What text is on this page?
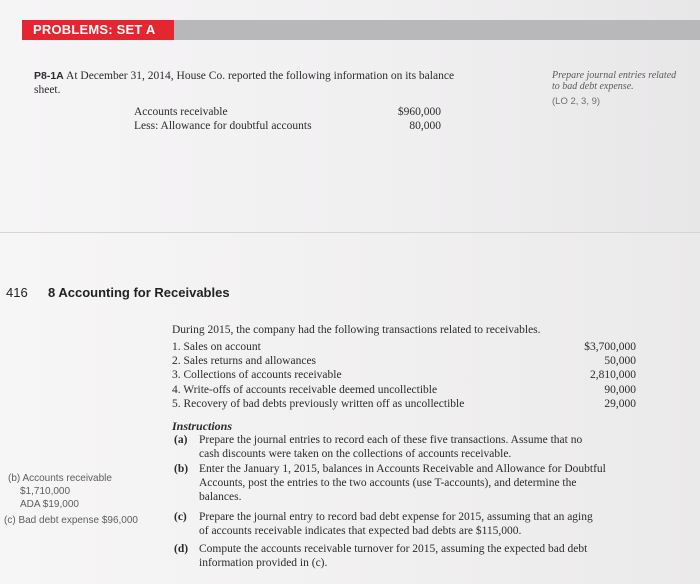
PROBLEMS: SET A
P8-1A At December 31, 2014, House Co. reported the following information on its balance
sheet.
Accounts receivable	$960,000
Less: Allowance for doubtful accounts	80,000
Prepare journal entries related
to bad debt expense.
(LO 2, 3, 9)
416 8 Accounting for Receivables
During 2015, the company had the following transactions related to receivables.
1. Sales on account	$3,700,000
2. Sales returns and allowances	50,000
3. Collections of accounts receivable	2,810,000
4. Write-offs of accounts receivable deemed uncollectible	90,000
5. Recovery of bad debts previously written off as uncollectible	29,000
Instructions
(a) Prepare the journal entries to record each of these five transactions. Assume that no
cash discounts were taken on the collections of accounts receivable.
(b) Enter the January 1, 2015, balances in Accounts Receivable and Allowance for Doubtful
Accounts, post the entries to the two accounts (use T-accounts), and determine the
balances.
(c) Prepare the journal entry to record bad debt expense for 2015, assuming that an aging
of accounts receivable indicates that expected bad debts are $115,000.
(d) Compute the accounts receivable turnover for 2015, assuming the expected bad debt
information provided in (c).
(b) Accounts receivable
$1,710,000
ADA $19,000
(c) Bad debt expense $96,000
